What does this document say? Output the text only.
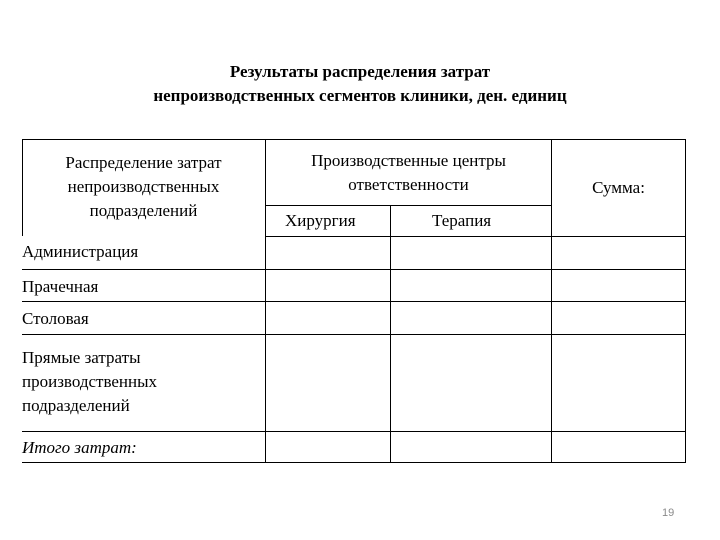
Результаты распределения затрат
непроизводственных сегментов клиники, ден. единиц
Распределение затрат
непроизводственных
подразделений
Производственные центры
ответственности
Хирургия	Терапия
Сумма:
Администрация
Прачечная
Столовая
Прямые затраты
производственных
подразделений
Итого затрат:
19
